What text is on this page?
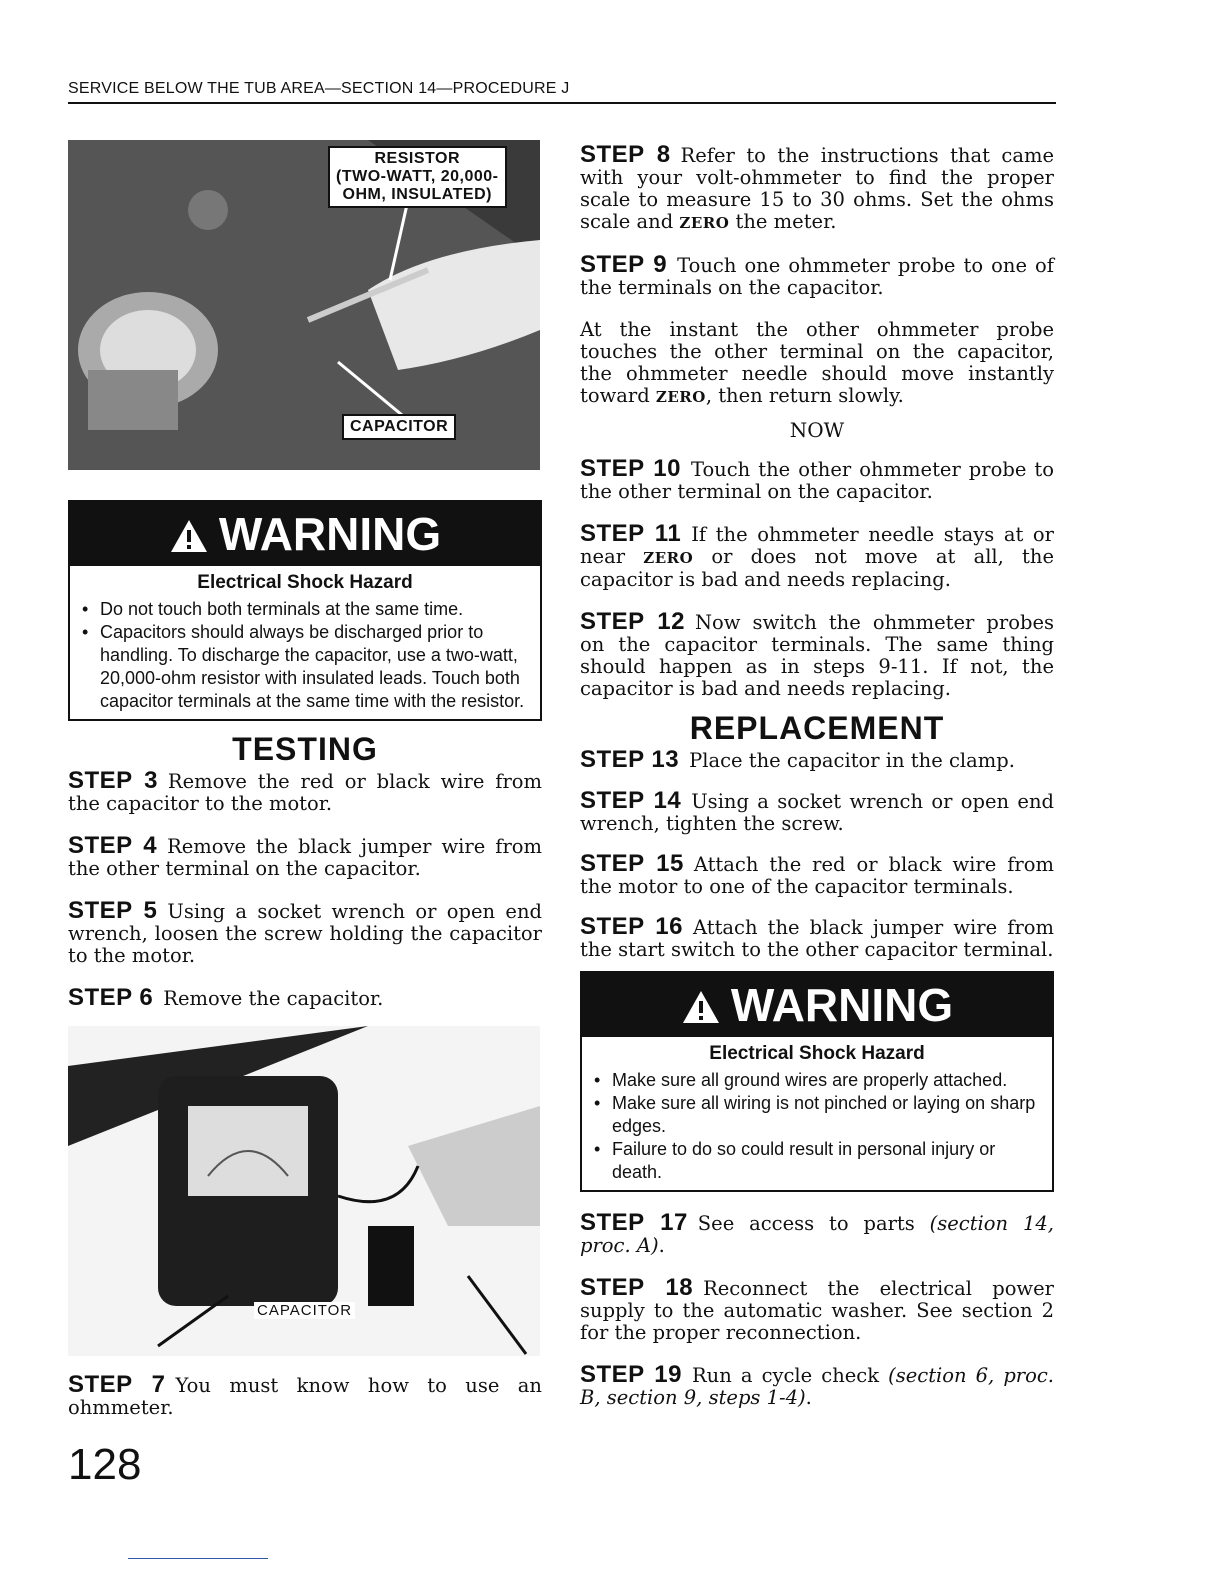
SERVICE BELOW THE TUB AREA—SECTION 14—PROCEDURE J
RESISTOR
(TWO-WATT, 20,000-
OHM, INSULATED)
CAPACITOR
WARNING
Electrical Shock Hazard
• Do not touch both terminals at the same time.
• Capacitors should always be discharged prior to handling. To discharge the capacitor, use a two-watt, 20,000-ohm resistor with insulated leads. Touch both capacitor terminals at the same time with the resistor.
TESTING
STEP 3 Remove the red or black wire from the capacitor to the motor.
STEP 4 Remove the black jumper wire from the other terminal on the capacitor.
STEP 5 Using a socket wrench or open end wrench, loosen the screw holding the capacitor to the motor.
STEP 6 Remove the capacitor.
CAPACITOR
STEP 7 You must know how to use an ohmmeter.
128
STEP 8 Refer to the instructions that came with your volt-ohmmeter to find the proper scale to measure 15 to 30 ohms. Set the ohms scale and ZERO the meter.
STEP 9 Touch one ohmmeter probe to one of the terminals on the capacitor.
At the instant the other ohmmeter probe touches the other terminal on the capacitor, the ohmmeter needle should move instantly toward ZERO, then return slowly.
NOW
STEP 10 Touch the other ohmmeter probe to the other terminal on the capacitor.
STEP 11 If the ohmmeter needle stays at or near ZERO or does not move at all, the capacitor is bad and needs replacing.
STEP 12 Now switch the ohmmeter probes on the capacitor terminals. The same thing should happen as in steps 9-11. If not, the capacitor is bad and needs replacing.
REPLACEMENT
STEP 13 Place the capacitor in the clamp.
STEP 14 Using a socket wrench or open end wrench, tighten the screw.
STEP 15 Attach the red or black wire from the motor to one of the capacitor terminals.
STEP 16 Attach the black jumper wire from the start switch to the other capacitor terminal.
WARNING
Electrical Shock Hazard
• Make sure all ground wires are properly attached.
• Make sure all wiring is not pinched or laying on sharp edges.
• Failure to do so could result in personal injury or death.
STEP 17 See access to parts (section 14, proc. A).
STEP 18 Reconnect the electrical power supply to the automatic washer. See section 2 for the proper reconnection.
STEP 19 Run a cycle check (section 6, proc. B, section 9, steps 1-4).
